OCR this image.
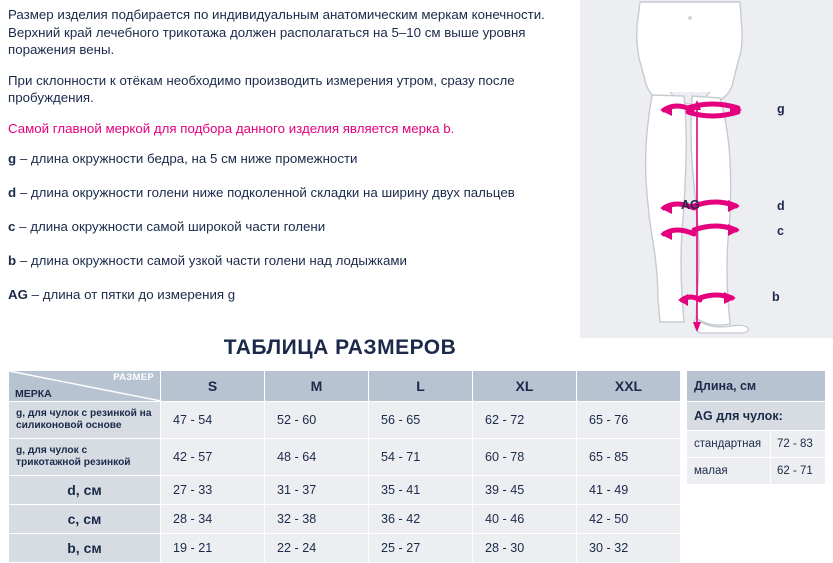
Размер изделия подбирается по индивидуальным анатомическим меркам конечности. Верхний край лечебного трикотажа должен располагаться на 5–10 см выше уровня поражения вены.
При склонности к отёкам необходимо производить измерения утром, сразу после пробуждения.
Самой главной меркой для подбора данного изделия является мерка b.
g – длина окружности бедра, на 5 см ниже промежности
d – длина окружности голени ниже подколенной складки на ширину двух пальцев
c – длина окружности самой широкой части голени
b – длина окружности самой узкой части голени над лодыжками
AG – длина от пятки до измерения g
g
d
c
b
AG
ТАБЛИЦА РАЗМЕРОВ
РАЗМЕР
МЕРКА	S	M	L	XL	XXL
g, для чулок с резинкой на силиконовой основе	47 - 54	52 - 60	56 - 65	62 - 72	65 - 76
g, для чулок с трикотажной резинкой	42 - 57	48 - 64	54 - 71	60 - 78	65 - 85
d, см	27 - 33	31 - 37	35 - 41	39 - 45	41 - 49
c, см	28 - 34	32 - 38	36 - 42	40 - 46	42 - 50
b, см	19 - 21	22 - 24	25 - 27	28 - 30	30 - 32
Длина, см	
AG для чулок:	
стандартная	72 - 83
малая	62 - 71
